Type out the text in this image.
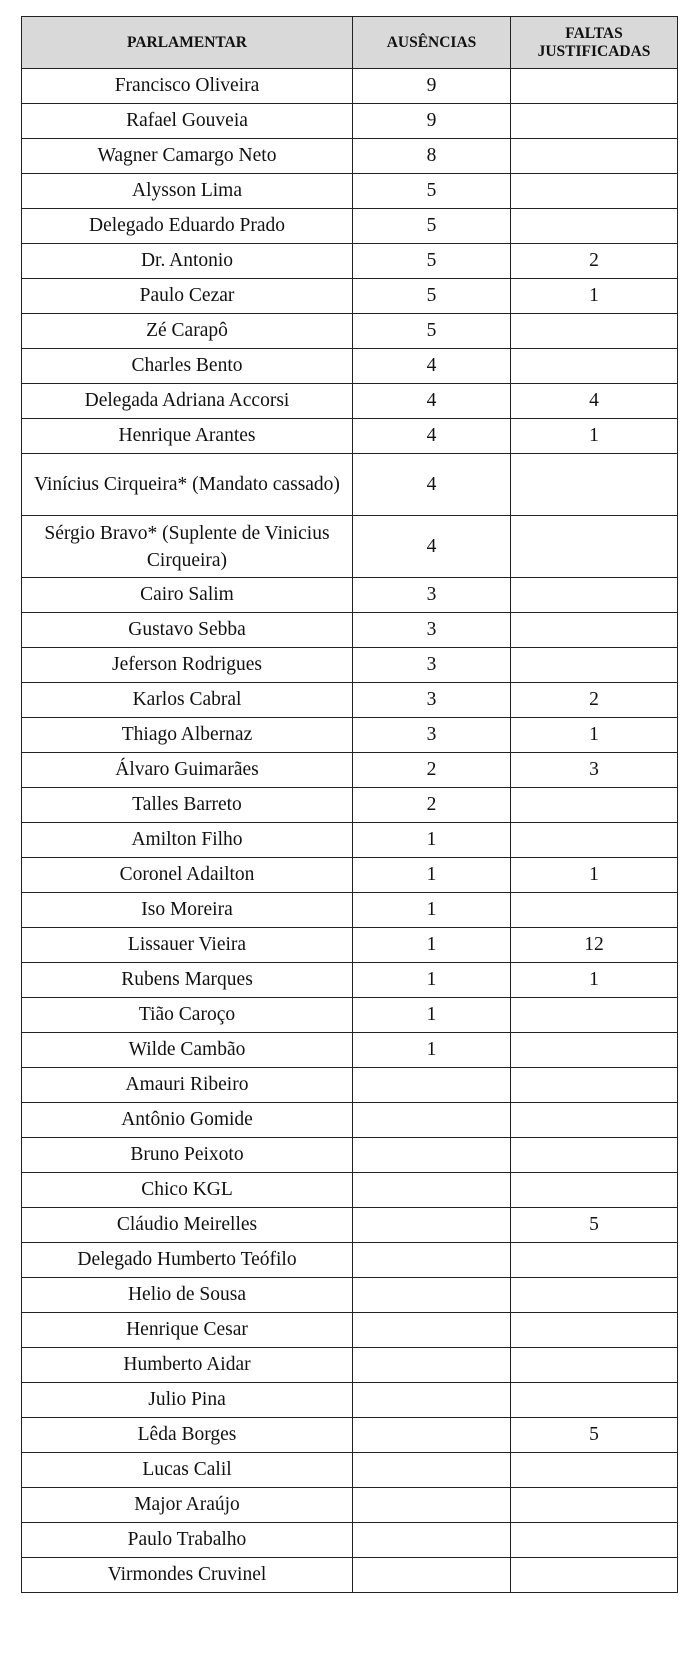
PARLAMENTAR	AUSÊNCIAS	FALTAS JUSTIFICADAS
Francisco Oliveira	9	
Rafael Gouveia	9	
Wagner Camargo Neto	8	
Alysson Lima	5	
Delegado Eduardo Prado	5	
Dr. Antonio	5	2
Paulo Cezar	5	1
Zé Carapô	5	
Charles Bento	4	
Delegada Adriana Accorsi	4	4
Henrique Arantes	4	1
Vinícius Cirqueira* (Mandato cassado)	4	
Sérgio Bravo* (Suplente de Vinicius Cirqueira)	4	
Cairo Salim	3	
Gustavo Sebba	3	
Jeferson Rodrigues	3	
Karlos Cabral	3	2
Thiago Albernaz	3	1
Álvaro Guimarães	2	3
Talles Barreto	2	
Amilton Filho	1	
Coronel Adailton	1	1
Iso Moreira	1	
Lissauer Vieira	1	12
Rubens Marques	1	1
Tião Caroço	1	
Wilde Cambão	1	
Amauri Ribeiro		
Antônio Gomide		
Bruno Peixoto		
Chico KGL		
Cláudio Meirelles		5
Delegado Humberto Teófilo		
Helio de Sousa		
Henrique Cesar		
Humberto Aidar		
Julio Pina		
Lêda Borges		5
Lucas Calil		
Major Araújo		
Paulo Trabalho		
Virmondes Cruvinel		
